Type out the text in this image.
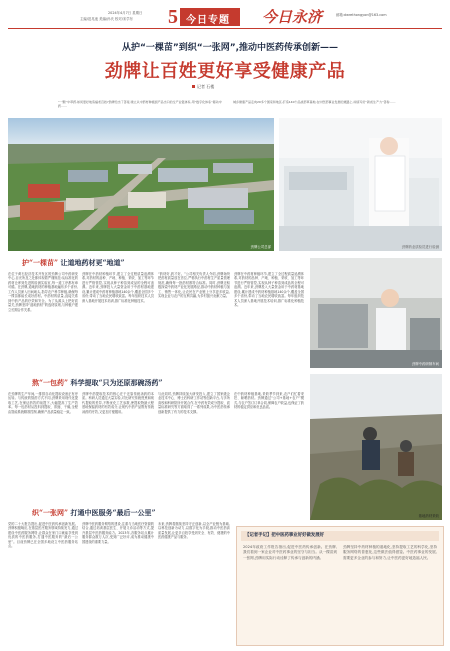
2024年4月7日 星期日
主编/范兆池 美编/孙氏 校对/宋学东	5 今日专题 今日永济	邮箱:dwrethongyon@163.com
从护“一棵苗”到织“一张网”,推动中医药传承创新——
劲牌让百姓更好享受健康产品
记者 石楼
“一颗”中草药,如何更好地造福老百姓?劲牌给出了答案:建立从中药材种植到产品出口的全产业链体系,用“数字化体系”驱动中药……
城乡健康产品走向20多个国家和地区,打造140个品质药草基地,在中医药事业发展的道路上,持续写好“新质生产力”答卷……
劲牌公司总部	劲牌药业质检员进行检测
护“一棵苗” 让道地药材更“地道”
在位于黄石经济技术开发区的劲牌公司中药研发中心,目光所及之处都体现着严谨规范:从标准化的药材仓库到先进的检测实验室,每一道工序都有章可循。在劲牌,道地药材的种植基地遍布多个省份,工作人员深入田间地头,指导农户科学种植,确保每一棵苗都能长成好药材。中药材的质量,直接关系到中药产品的疗效和安全。为了从源头上把好质量关,劲牌坚持“道地药材”的选材原则,与种植户建立长期合作关系。
劲牌在中药材种植环节,建立了全过程质量追溯体系,对药材的品种、产地、种植、采收、加工等环节进行严格管控,实现从种子种苗到成品的全程可追溯。近年来,劲牌投入大量资金用于中药材基地建设,累计建成中药材种植基地140余个,覆盖全国多个省份,带动了当地农民增收致富。每年组织技术人员深入基地开展技术培训,推广标准化种植技术。
“药材好,药才好。”公司相关负责人介绍,劲牌始终把药材质量放在首位,严格执行中药材生产质量管理规范,确保每一批药材都符合标准。同时,劲牌还积极探索中药材产业化发展路径,推动中药材种植与加工、销售一体化,让农民在产业链上分享更多收益,实现企业与农户的互利共赢,为乡村振兴贡献力量。
劲牌在中药材种植环节,建立了全过程质量追溯体系,对药材的品种、产地、种植、采收、加工等环节进行严格管控,实现从种子种苗到成品的全程可追溯。近年来,劲牌投入大量资金用于中药材基地建设,累计建成中药材种植基地140余个,覆盖全国多个省份,带动了当地农民增收致富。每年组织技术人员深入基地开展技术培训,推广标准化种植技术。
劲牌中药研制车间
熬“一包药” 科学提取“只为还原那碗汤药”
在劲牌的生产车间,一排排自动化提取设备正有序运转。与传统的熬药方式不同,劲牌采用现代化提取工艺,在保证药效的前提下,大幅提高了生产效率。每一包药材从投料到提取、浓缩、干燥,全程由智能系统精准控制,确保产品质量稳定一致。
劲牌中药提取技术的核心在于还原传统汤药的本质。科研人员通过大量实验,对比研究传统煎煮和现代提取的差异,不断优化工艺参数,使提取物最大程度地保留药材的有效成分,让现代中药产品既有传统汤药的疗效,又更加方便服用。
与此同时,劲牌持续加大研发投入,建立了国家级企业技术中心、博士后科研工作站等创新平台,与多所高校和科研院所开展合作,在中药有效成分提取、质量标准研究等方面取得了一系列成果,为中医药传承创新提供了有力的技术支撑。
在中药材种植基地,采收季节到来,农户们忙着采挖、晾晒药材。劲牌通过“公司+基地+农户”模式,与农户签订订单合同,保障农户收益,也保证了药材的稳定供应和优良品质。
基地药材采收
织“一张网” 打通中医服务“最后一公里”
党的二十大报告提出,促进中医药传承创新发展。劲牌积极响应,在基层医疗服务领域持续发力,通过建设中医药服务网络,让群众在家门口就能享受到优质的中医药服务,打通中医服务的“最后一公里”。目前劲牌已在全国多地设立中医药服务站点。
劲牌中医药服务网络的建设,注重与当地医疗资源的结合,通过培训基层医生、开展义诊活动等方式,提升基层中医药服务能力。2023年,各服务站点累计服务群众数万人次,受到广泛好评,成为推动健康中国建设的重要力量。
未来,劲牌将继续坚持守正创新,以全产业链为基础,以科技创新为动力,以数字化为手段,推动中医药高质量发展,让更多百姓享受到安全、有效、便捷的中医药健康产品与服务。	【记者手记】把中医药事业好好做发展好
2024年政府工作报告指出,促进中医药传承创新。在劲牌,我们看到一家企业对中医药事业的坚守与担当。从一棵苗到一张网,劲牌用实际行动诠释了传承与创新的内涵。
劲牌坚持中药材种植的道地化,坚持提取工艺的科学化,坚持服务网络的普惠化,这些做法值得借鉴。中医药事业的发展,需要更多企业的参与和努力,让中医药更好地造福人民。
